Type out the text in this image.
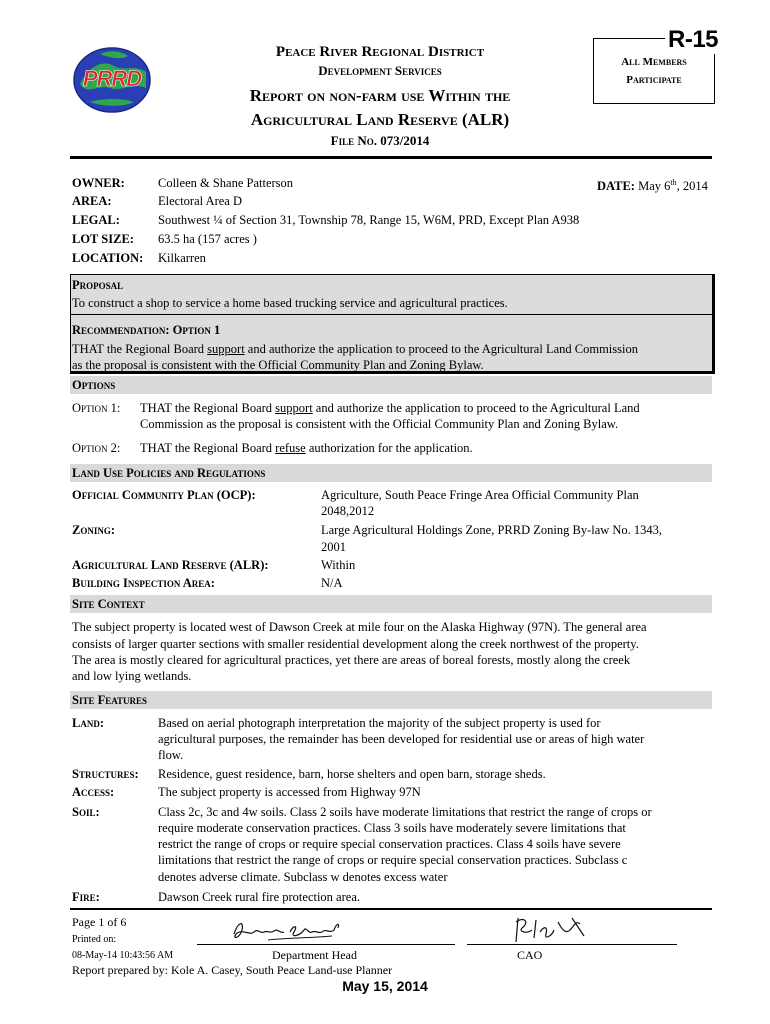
PRRD
Peace River Regional District
Development Services
Report on non-farm use Within the
Agricultural Land Reserve (ALR)
File No. 073/2014
All Members
Participate
R-15
OWNER:	Colleen & Shane Patterson	DATE: May 6th, 2014
AREA:	Electoral Area D
LEGAL:	Southwest ¼ of Section 31, Township 78, Range 15, W6M, PRD, Except Plan A938
LOT SIZE: 63.5 ha (157 acres )
LOCATION: Kilkarren
Proposal
To construct a shop to service a home based trucking service and agricultural practices.
Recommendation: Option 1
THAT the Regional Board support and authorize the application to proceed to the Agricultural Land Commission
as the proposal is consistent with the Official Community Plan and Zoning Bylaw.
Options
Option 1: THAT the Regional Board support and authorize the application to proceed to the Agricultural Land
Commission as the proposal is consistent with the Official Community Plan and Zoning Bylaw.
Option 2: THAT the Regional Board refuse authorization for the application.
Land Use Policies and Regulations
Official Community Plan (OCP):	Agriculture, South Peace Fringe Area Official Community Plan
2048,2012
Zoning:	Large Agricultural Holdings Zone, PRRD Zoning By-law No. 1343,
2001
Agricultural Land Reserve (ALR):	Within
Building Inspection Area:	N/A
Site Context
The subject property is located west of Dawson Creek at mile four on the Alaska Highway (97N). The general area
consists of larger quarter sections with smaller residential development along the creek northwest of the property.
The area is mostly cleared for agricultural practices, yet there are areas of boreal forests, mostly along the creek
and low lying wetlands.
Site Features
Land:	Based on aerial photograph interpretation the majority of the subject property is used for
agricultural purposes, the remainder has been developed for residential use or areas of high water
flow.
Structures: Residence, guest residence, barn, horse shelters and open barn, storage sheds.
Access:	The subject property is accessed from Highway 97N
Soil:	Class 2c, 3c and 4w soils. Class 2 soils have moderate limitations that restrict the range of crops or
require moderate conservation practices. Class 3 soils have moderately severe limitations that
restrict the range of crops or require special conservation practices. Class 4 soils have severe
limitations that restrict the range of crops or require special conservation practices. Subclass c
denotes adverse climate. Subclass w denotes excess water
Fire:	Dawson Creek rural fire protection area.
Page 1 of 6
Printed on:
08-May-14 10:43:56 AM	Department Head	CAO
Report prepared by: Kole A. Casey, South Peace Land-use Planner
May 15, 2014
